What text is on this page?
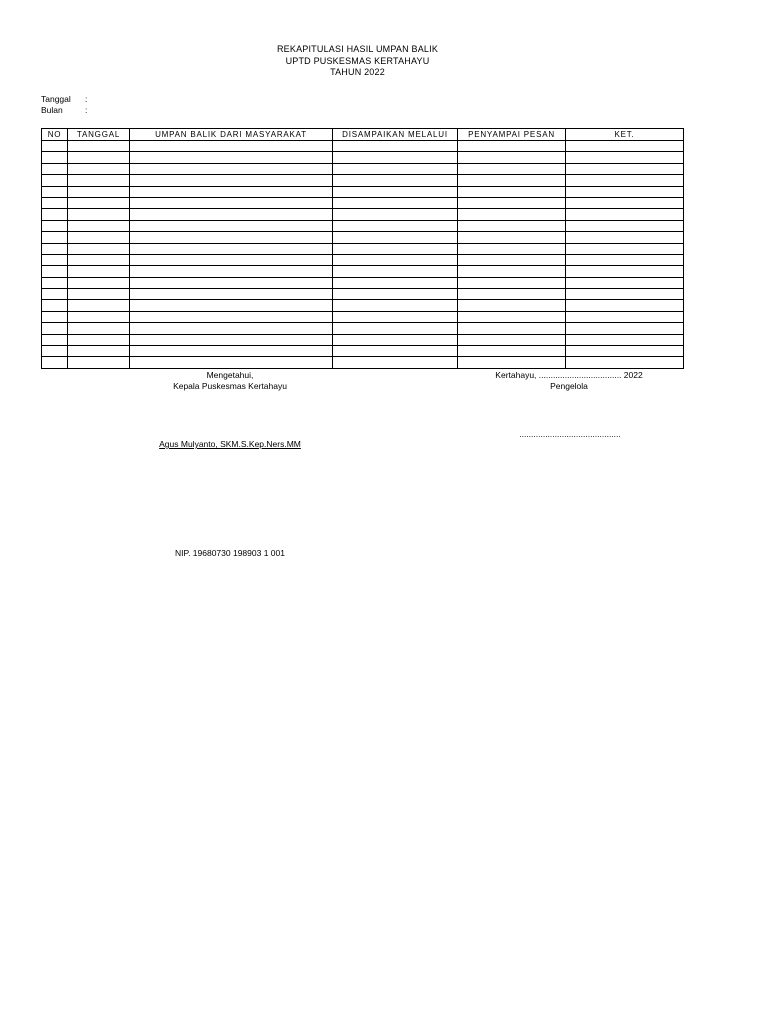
REKAPITULASI HASIL UMPAN BALIK
UPTD PUSKESMAS KERTAHAYU
TAHUN 2022
Tanggal :
Bulan	:
NO	TANGGAL	UMPAN BALIK DARI MASYARAKAT	DISAMPAIKAN MELALUI	PENYAMPAI PESAN	KET.

Mengetahui,
Kepala Puskesmas Kertahayu
Agus Mulyanto, SKM.S.Kep.Ners.MM
NIP. 19680730 198903 1 001
Kertahayu, ................................... 2022
Pengelola
...........................................
